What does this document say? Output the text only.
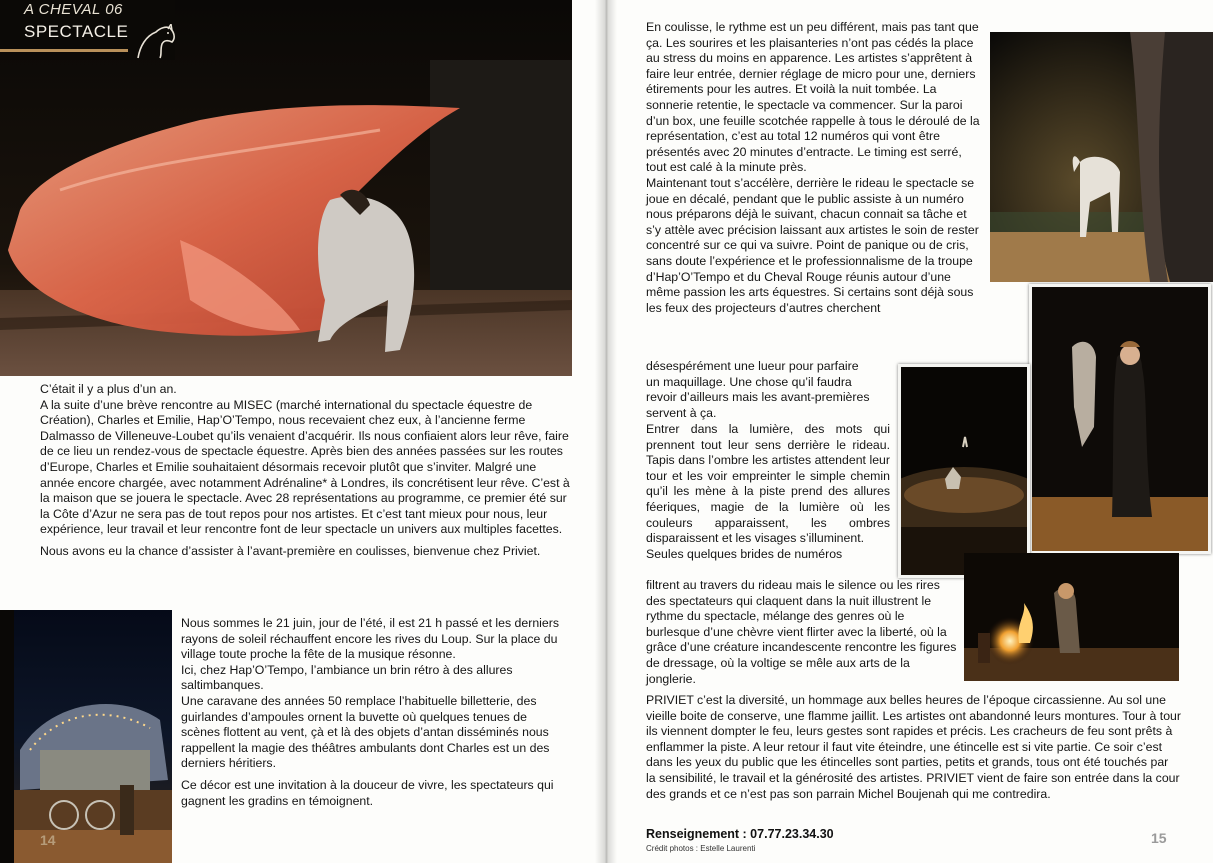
A CHEVAL 06
SPECTACLE

C’était il y a plus d’un an.

A la suite d’une brève rencontre au MISEC (marché international du spectacle équestre de Création), Charles et Emilie, Hap’O’Tempo, nous recevaient chez eux, à l’ancienne ferme Dalmasso de Villeneuve-Loubet qu’ils venaient d’acquérir. Ils nous confiaient alors leur rêve, faire de ce lieu un rendez-vous de spectacle équestre. Après bien des années passées sur les routes d’Europe, Charles et Emilie souhaitaient désormais recevoir plutôt que s’inviter. Malgré une année encore chargée, avec notamment Adrénaline* à Londres, ils concrétisent leur rêve. C’est à la maison que se jouera le spectacle. Avec 28 représentations au programme, ce premier été sur la Côte d’Azur ne sera pas de tout repos pour nos artistes. Et c’est tant mieux pour nous, leur expérience, leur travail et leur rencontre font de leur spectacle un univers aux multiples facettes.

Nous avons eu la chance d’assister à l’avant-première en coulisses, bienvenue chez Priviet.

14

Nous sommes le 21 juin, jour de l’été, il est 21 h passé et les derniers rayons de soleil réchauffent encore les rives du Loup. Sur la place du village toute proche la fête de la musique résonne.

Ici, chez Hap’O’Tempo, l’ambiance un brin rétro à des allures saltimbanques.

Une caravane des années 50 remplace l’habituelle billetterie, des guirlandes d’ampoules ornent la buvette où quelques tenues de scènes flottent au vent, çà et là des objets d’antan disséminés nous rappellent la magie des théâtres ambulants dont Charles est un des derniers héritiers.

Ce décor est une invitation à la douceur de vivre, les spectateurs qui gagnent les gradins en témoignent.

En coulisse, le rythme est un peu différent, mais pas tant que ça. Les sourires et les plaisanteries n’ont pas cédés la place au stress du moins en apparence. Les artistes s’apprêtent à faire leur entrée, dernier réglage de micro pour une, derniers étirements pour les autres. Et voilà la nuit tombée. La sonnerie retentie, le spectacle va commencer. Sur la paroi d’un box, une feuille scotchée rappelle à tous le déroulé de la représentation, c’est au total 12 numéros qui vont être présentés avec 20 minutes d’entracte. Le timing est serré, tout est calé à la minute près.

Maintenant tout s’accélère, derrière le rideau le spectacle se joue en décalé, pendant que le public assiste à un numéro nous préparons déjà le suivant, chacun connait sa tâche et s’y attèle avec précision laissant aux artistes le soin de rester concentré sur ce qui va suivre. Point de panique ou de cris, sans doute l’expérience et le professionnalisme de la troupe d’Hap’O’Tempo et du Cheval Rouge réunis autour d’une même passion les arts équestres. Si certains sont déjà sous les feux des projecteurs d’autres cherchent

désespérément une lueur pour parfaire

un maquillage. Une chose qu’il faudra

revoir d’ailleurs mais les avant-premières

servent à ça.

Entrer dans la lumière, des mots qui prennent tout leur sens derrière le rideau. Tapis dans l’ombre les artistes attendent leur tour et les voir empreinter le simple chemin qu’il les mène à la piste prend des allures féeriques, magie de la lumière où les couleurs apparaissent, les ombres disparaissent et les visages s’illuminent.

Seules quelques brides de numéros

filtrent au travers du rideau mais le silence ou les rires des spectateurs qui claquent dans la nuit illustrent le rythme du spectacle, mélange des genres où le burlesque d’une chèvre vient flirter avec la liberté, où la grâce d’une créature incandescente rencontre les figures de dressage, où la voltige se mêle aux arts de la jonglerie.

PRIVIET c’est la diversité, un hommage aux belles heures de l’époque circassienne. Au sol une vieille boite de conserve, une flamme jaillit. Les artistes ont abandonné leurs montures. Tour à tour ils viennent dompter le feu, leurs gestes sont rapides et précis. Les cracheurs de feu sont prêts à enflammer la piste. A leur retour il faut vite éteindre, une étincelle est si vite partie. Ce soir c’est dans les yeux du public que les étincelles sont parties, petits et grands, tous ont été touchés par la sensibilité, le travail et la générosité des artistes. PRIVIET vient de faire son entrée dans la cour des grands et ce n’est pas son parrain Michel Boujenah qui me contredira.

15
Renseignement : 07.77.23.34.30
Crédit photos : Estelle Laurenti
